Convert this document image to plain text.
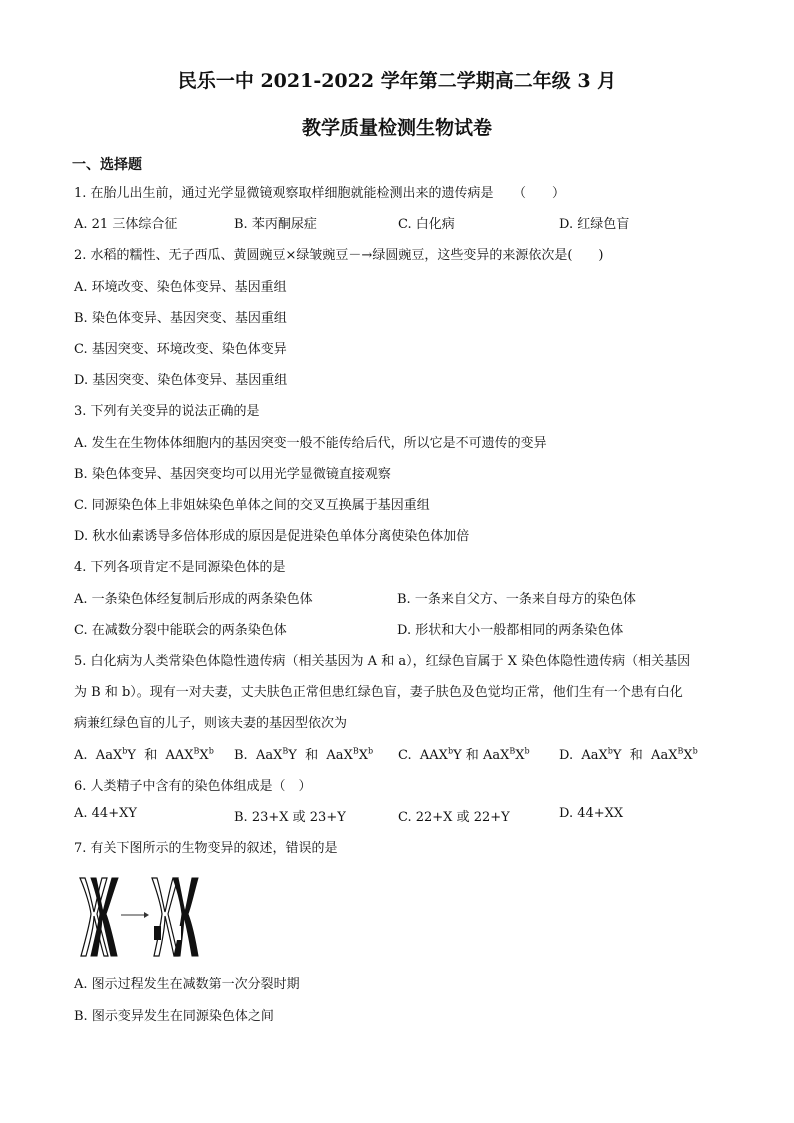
民乐一中 2021-2022 学年第二学期高二年级 3 月
教学质量检测生物试卷
一、选择题
1. 在胎儿出生前，通过光学显微镜观察取样细胞就能检测出来的遗传病是　　（　　）
A. 21 三体综合征	B. 苯丙酮尿症	C. 白化病	D. 红绿色盲
2. 水稻的糯性、无子西瓜、黄圆豌豆×绿皱豌豆－→绿圆豌豆，这些变异的来源依次是(　　)
A. 环境改变、染色体变异、基因重组
B. 染色体变异、基因突变、基因重组
C. 基因突变、环境改变、染色体变异
D. 基因突变、染色体变异、基因重组
3. 下列有关变异的说法正确的是
A. 发生在生物体体细胞内的基因突变一般不能传给后代，所以它是不可遗传的变异
B. 染色体变异、基因突变均可以用光学显微镜直接观察
C. 同源染色体上非姐妹染色单体之间的交叉互换属于基因重组
D. 秋水仙素诱导多倍体形成的原因是促进染色单体分离使染色体加倍
4. 下列各项肯定不是同源染色体的是
A. 一条染色体经复制后形成的两条染色体	B. 一条来自父方、一条来自母方的染色体
C. 在减数分裂中能联会的两条染色体	D. 形状和大小一般都相同的两条染色体
5. 白化病为人类常染色体隐性遗传病（相关基因为 A 和 a），红绿色盲属于 X 染色体隐性遗传病（相关基因
为 B 和 b）。现有一对夫妻，丈夫肤色正常但患红绿色盲，妻子肤色及色觉均正常，他们生有一个患有白化
病兼红绿色盲的儿子，则该夫妻的基因型依次为
A. AaX$^b$Y 和 $AAX^BX^b$ B. AaX$^B$Y 和 $AaX^BX^b$ C. AAX$^b$Y 和 $AaX^BX^b$ D. AaX$^b$Y 和 $AaX^BX^b$
6. 人类精子中含有的染色体组成是（　）
A. 44+XY	B. 23+X 或 23+Y	C. 22+X 或 22+Y	D. 44+XX
7. 有关下图所示的生物变异的叙述，错误的是
A. 图示过程发生在减数第一次分裂时期
B. 图示变异发生在同源染色体之间
